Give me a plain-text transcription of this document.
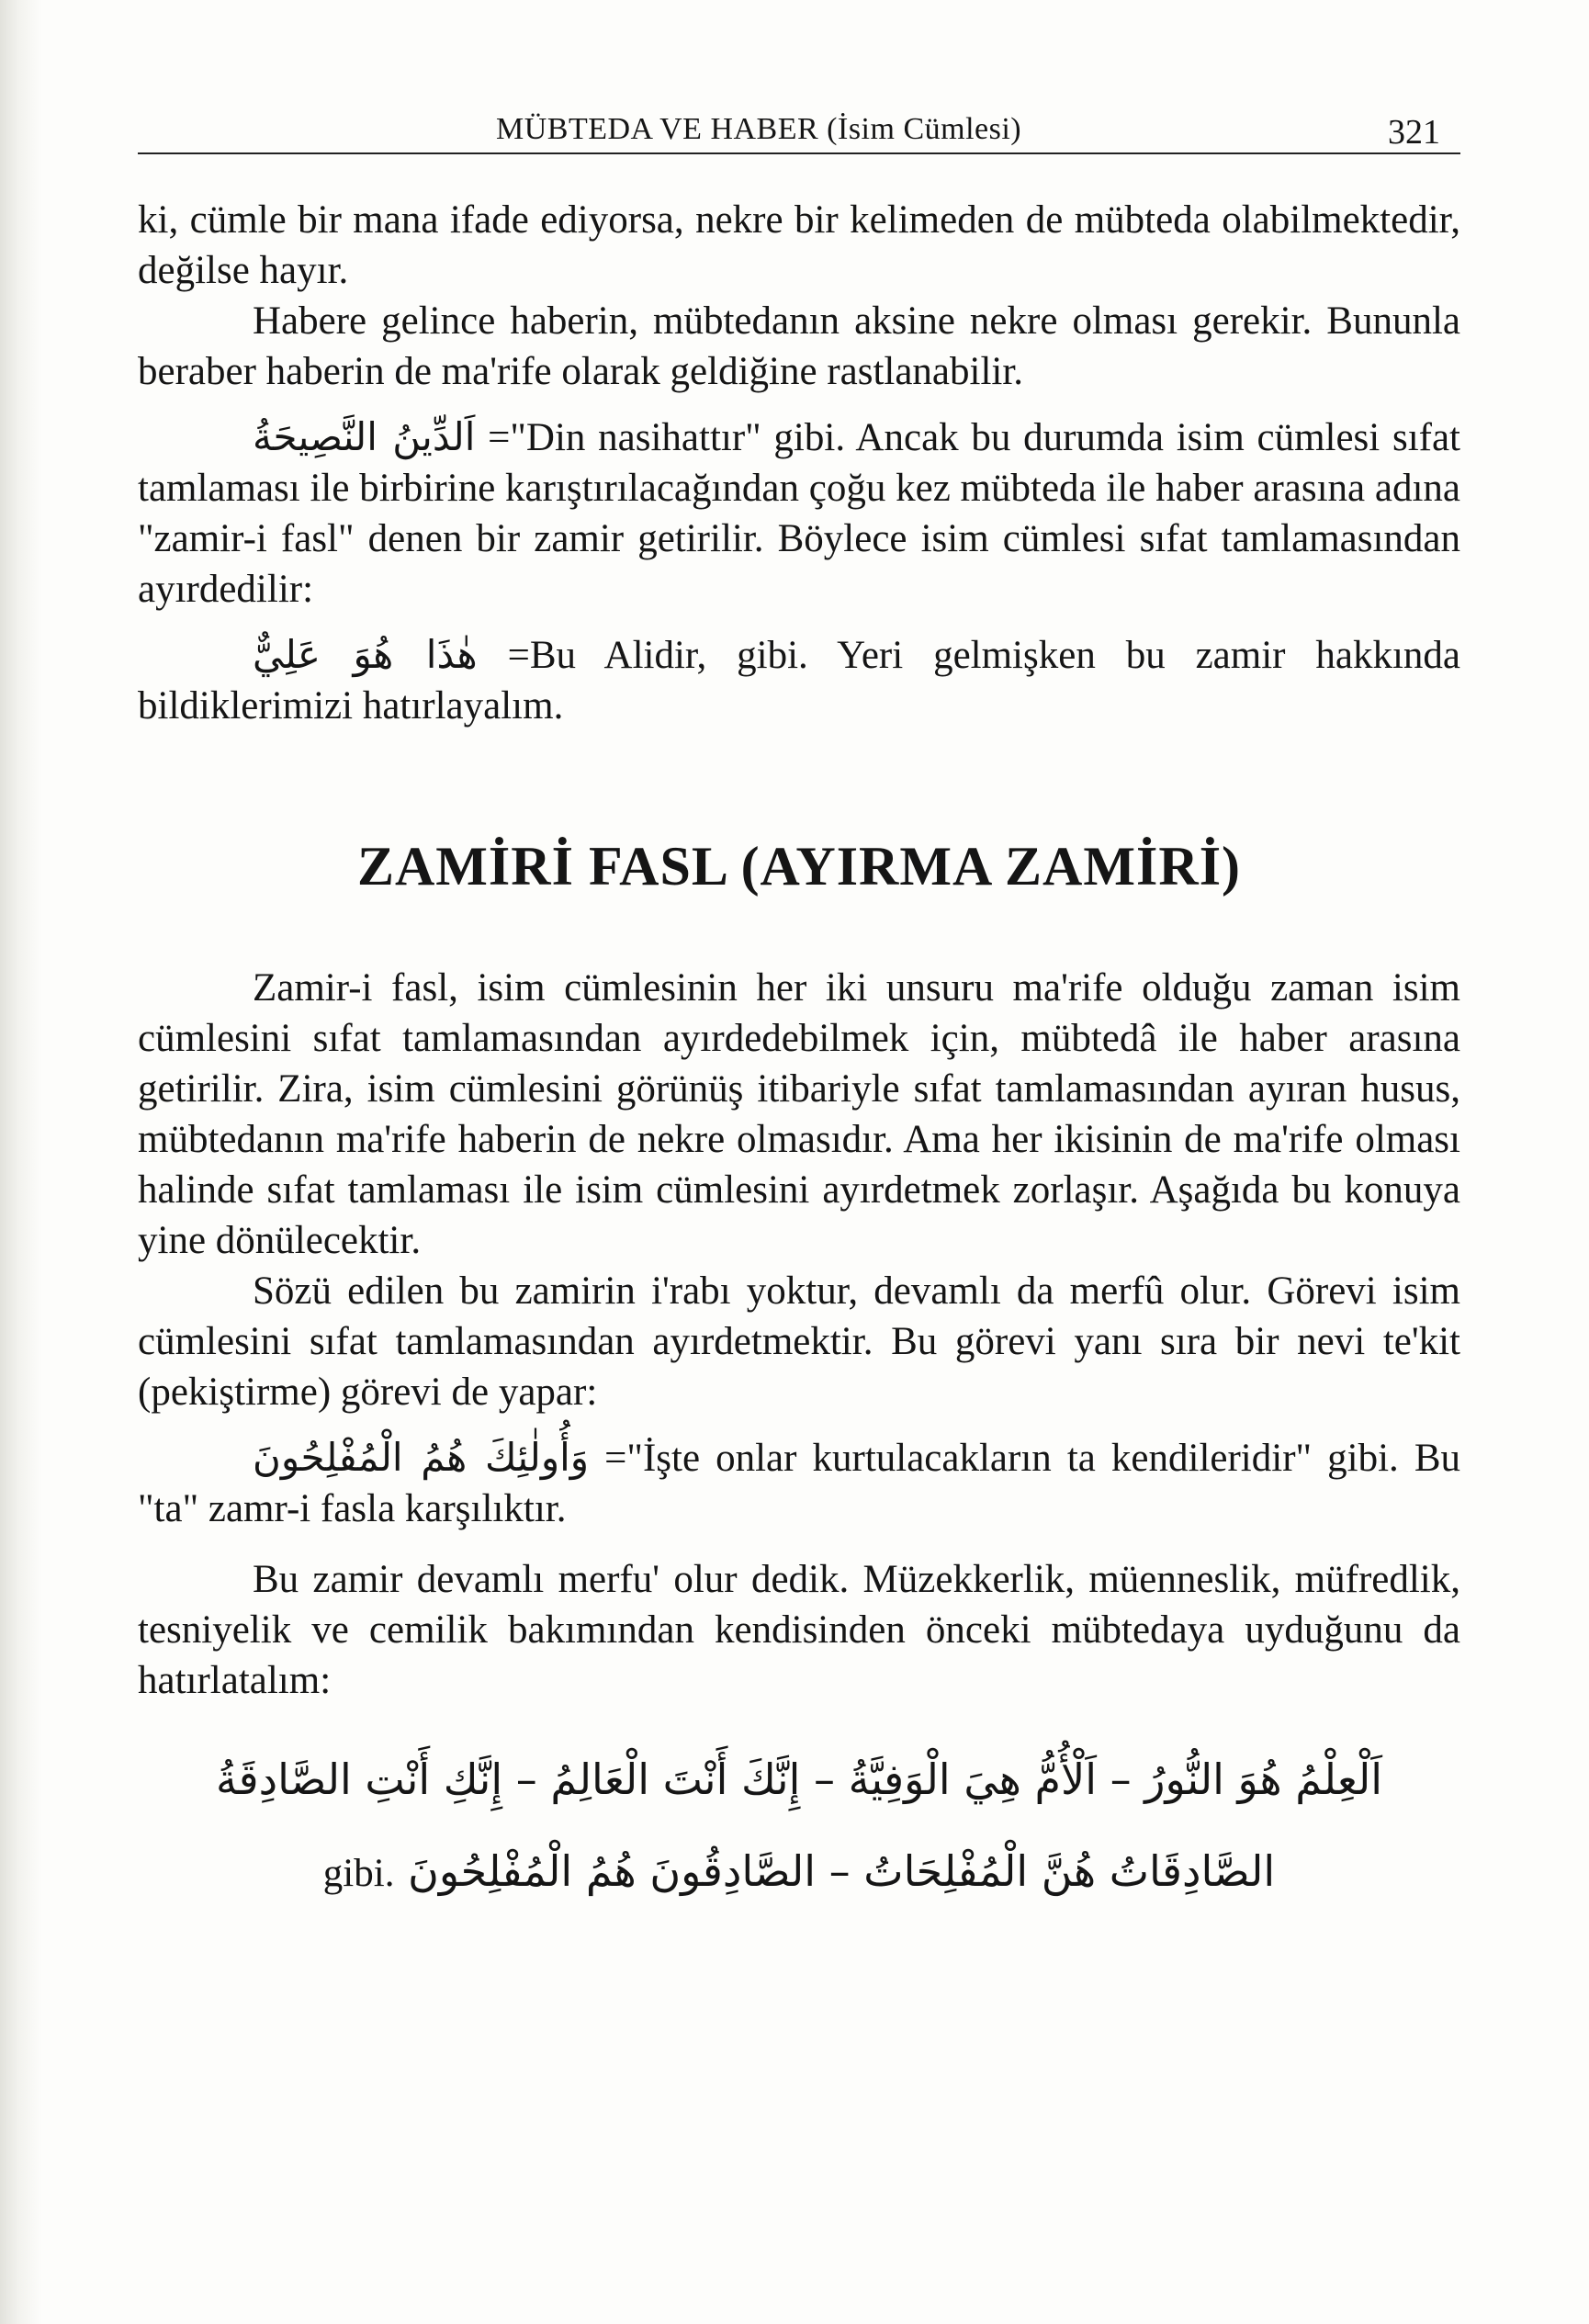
MÜBTEDA VE HABER (İsim Cümlesi)	321

ki, cümle bir mana ifade ediyorsa, nekre bir kelimeden de mübteda olabilmektedir, değilse hayır.

Habere gelince haberin, mübtedanın aksine nekre olması gerekir. Bununla beraber haberin de ma'rife olarak geldiğine rastlanabilir.

اَلدِّينُ النَّصِيحَةُ ="Din nasihattır" gibi. Ancak bu durumda isim cümlesi sıfat tamlaması ile birbirine karıştırılacağından çoğu kez mübteda ile haber arasına adına "zamir-i fasl" denen bir zamir getirilir. Böylece isim cümlesi sıfat tamlamasından ayırdedilir:

هٰذَا هُوَ عَلِيٌّ =Bu Alidir, gibi. Yeri gelmişken bu zamir hakkında bildiklerimizi hatırlayalım.

ZAMİRİ FASL (AYIRMA ZAMİRİ)

Zamir-i fasl, isim cümlesinin her iki unsuru ma'rife olduğu zaman isim cümlesini sıfat tamlamasından ayırdedebilmek için, mübtedâ ile haber arasına getirilir. Zira, isim cümlesini görünüş itibariyle sıfat tamlamasından ayıran husus, mübtedanın ma'rife haberin de nekre olmasıdır. Ama her ikisinin de ma'rife olması halinde sıfat tamlaması ile isim cümlesini ayırdetmek zorlaşır. Aşağıda bu konuya yine dönülecektir.

Sözü edilen bu zamirin i'rabı yoktur, devamlı da merfû olur. Görevi isim cümlesini sıfat tamlamasından ayırdetmektir. Bu görevi yanı sıra bir nevi te'kit (pekiştirme) görevi de yapar:

وَأُولٰئِكَ هُمُ الْمُفْلِحُونَ ="İşte onlar kurtulacakların ta kendileridir" gibi. Bu "ta" zamr-i fasla karşılıktır.

Bu zamir devamlı merfu' olur dedik. Müzekkerlik, müenneslik, müfredlik, tesniyelik ve cemilik bakımından kendisinden önceki mübtedaya uyduğunu da hatırlatalım:

اَلْعِلْمُ هُوَ النُّورُ – اَلْأُمُّ هِيَ الْوَفِيَّةُ – إِنَّكَ أَنْتَ الْعَالِمُ – إِنَّكِ أَنْتِ الصَّادِقَةُ
الصَّادِقَاتُ هُنَّ الْمُفْلِحَاتُ – الصَّادِقُونَ هُمُ الْمُفْلِحُونَ gibi.
